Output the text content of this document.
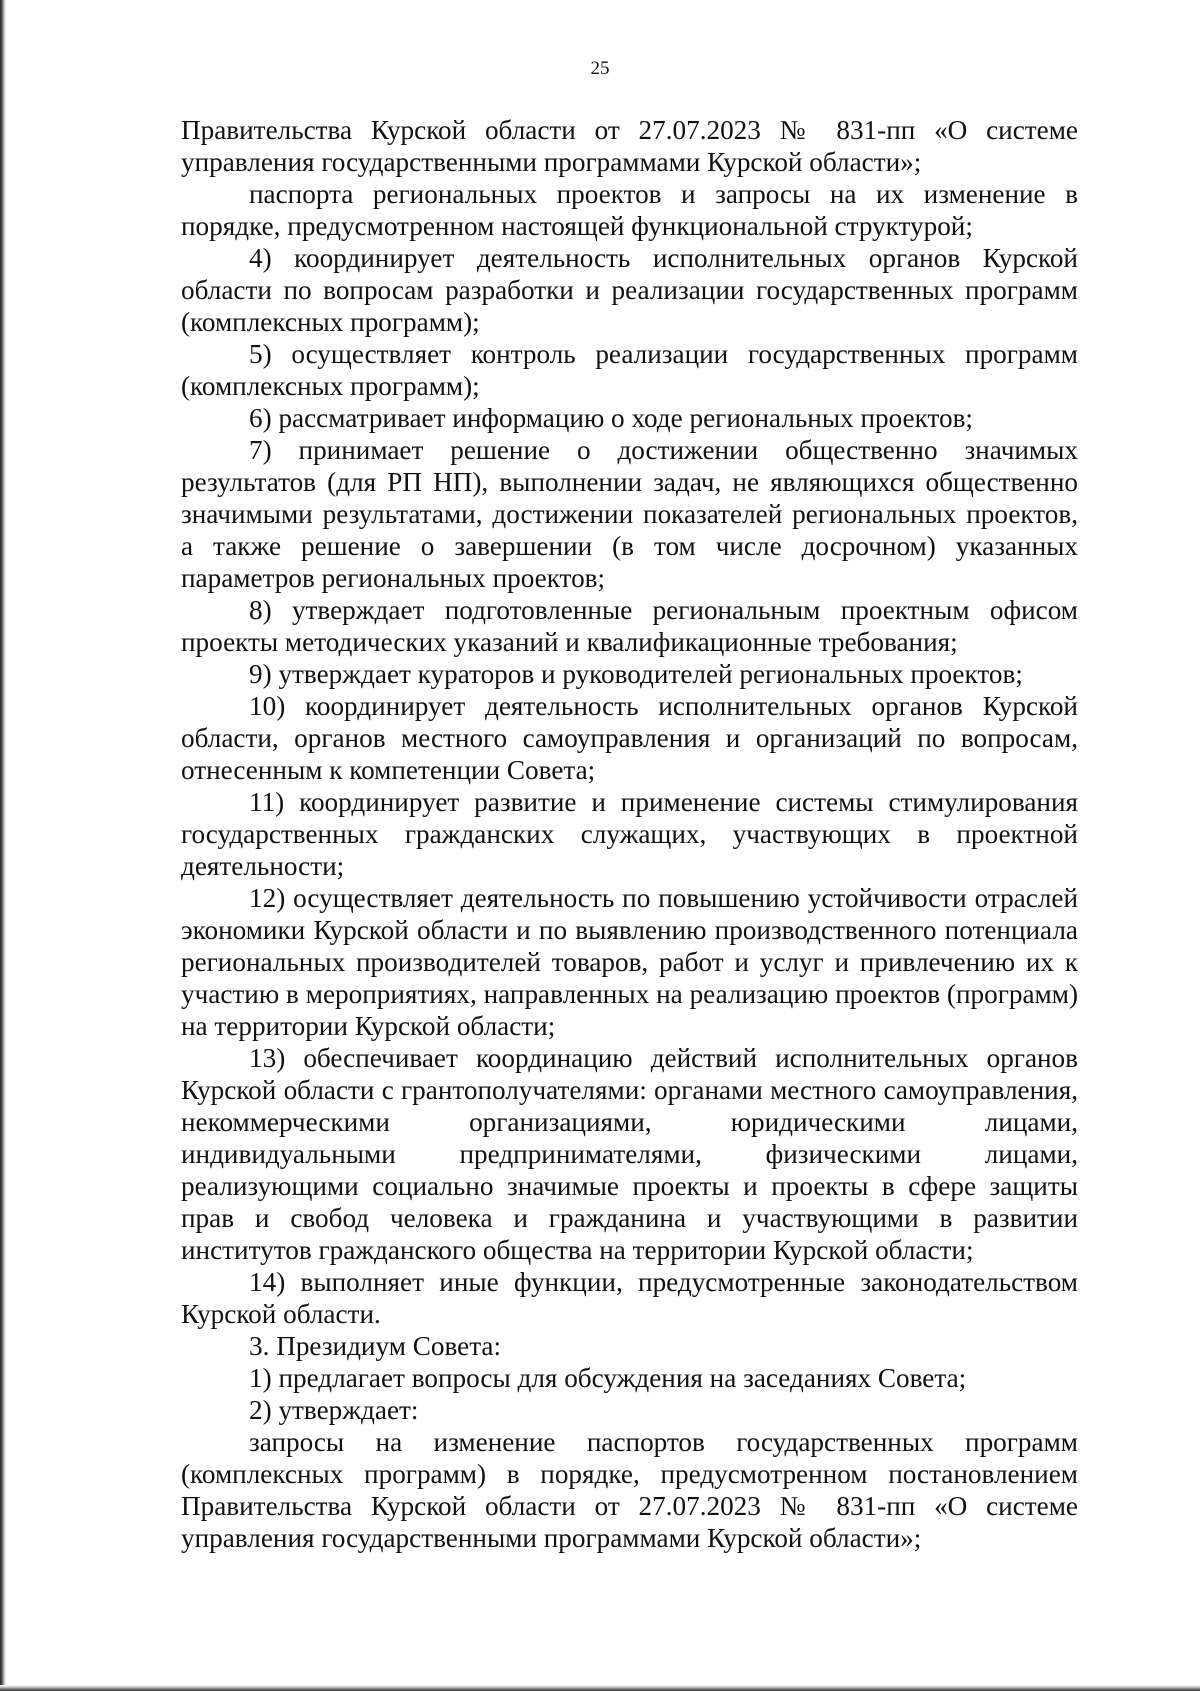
25

Правительства Курской области от 27.07.2023 № 831-пп «О системе управления государственными программами Курской области»;

паспорта региональных проектов и запросы на их изменение в порядке, предусмотренном настоящей функциональной структурой;

4) координирует деятельность исполнительных органов Курской области по вопросам разработки и реализации государственных программ (комплексных программ);

5) осуществляет контроль реализации государственных программ (комплексных программ);

6) рассматривает информацию о ходе региональных проектов;

7) принимает решение о достижении общественно значимых результатов (для РП НП), выполнении задач, не являющихся общественно значимыми результатами, достижении показателей региональных проектов, а также решение о завершении (в том числе досрочном) указанных параметров региональных проектов;

8) утверждает подготовленные региональным проектным офисом проекты методических указаний и квалификационные требования;

9) утверждает кураторов и руководителей региональных проектов;

10) координирует деятельность исполнительных органов Курской области, органов местного самоуправления и организаций по вопросам, отнесенным к компетенции Совета;

11) координирует развитие и применение системы стимулирования государственных гражданских служащих, участвующих в проектной деятельности;

12) осуществляет деятельность по повышению устойчивости отраслей экономики Курской области и по выявлению производственного потенциала региональных производителей товаров, работ и услуг и привлечению их к участию в мероприятиях, направленных на реализацию проектов (программ) на территории Курской области;

13) обеспечивает координацию действий исполнительных органов Курской области с грантополучателями: органами местного самоуправления, некоммерческими организациями, юридическими лицами, индивидуальными предпринимателями, физическими лицами, реализующими социально значимые проекты и проекты в сфере защиты прав и свобод человека и гражданина и участвующими в развитии институтов гражданского общества на территории Курской области;

14) выполняет иные функции, предусмотренные законодательством Курской области.

3. Президиум Совета:

1) предлагает вопросы для обсуждения на заседаниях Совета;

2) утверждает:

запросы на изменение паспортов государственных программ (комплексных программ) в порядке, предусмотренном постановлением Правительства Курской области от 27.07.2023 № 831-пп «О системе управления государственными программами Курской области»;
